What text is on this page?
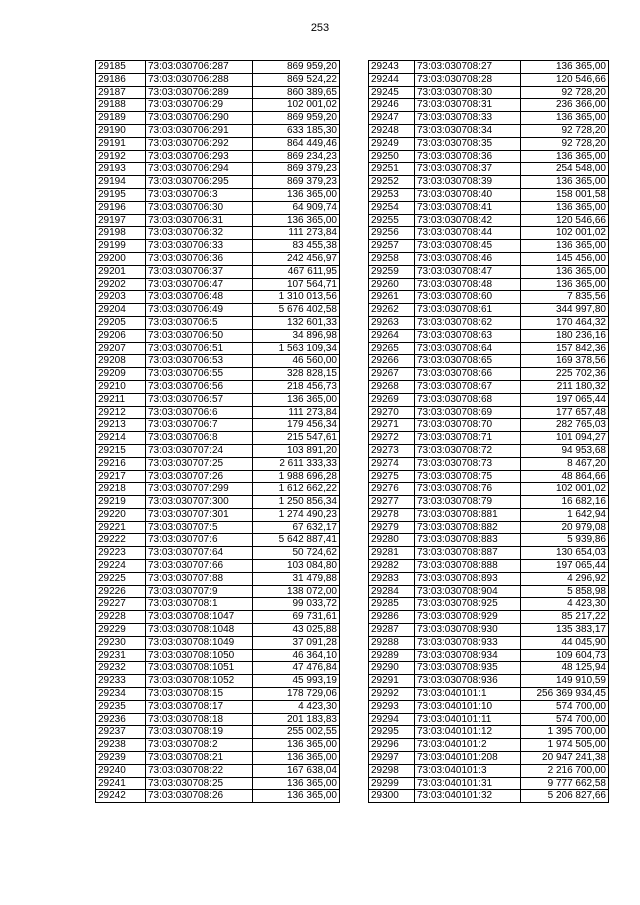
253
29185	73:03:030706:287	869 959,20
29186	73:03:030706:288	869 524,22
29187	73:03:030706:289	860 389,65
29188	73:03:030706:29	102 001,02
29189	73:03:030706:290	869 959,20
29190	73:03:030706:291	633 185,30
29191	73:03:030706:292	864 449,46
29192	73:03:030706:293	869 234,23
29193	73:03:030706:294	869 379,23
29194	73:03:030706:295	869 379,23
29195	73:03:030706:3	136 365,00
29196	73:03:030706:30	64 909,74
29197	73:03:030706:31	136 365,00
29198	73:03:030706:32	111 273,84
29199	73:03:030706:33	83 455,38
29200	73:03:030706:36	242 456,97
29201	73:03:030706:37	467 611,95
29202	73:03:030706:47	107 564,71
29203	73:03:030706:48	1 310 013,56
29204	73:03:030706:49	5 676 402,58
29205	73:03:030706:5	132 601,33
29206	73:03:030706:50	34 896,98
29207	73:03:030706:51	1 563 109,34
29208	73:03:030706:53	46 560,00
29209	73:03:030706:55	328 828,15
29210	73:03:030706:56	218 456,73
29211	73:03:030706:57	136 365,00
29212	73:03:030706:6	111 273,84
29213	73:03:030706:7	179 456,34
29214	73:03:030706:8	215 547,61
29215	73:03:030707:24	103 891,20
29216	73:03:030707:25	2 611 333,33
29217	73:03:030707:26	1 988 696,28
29218	73:03:030707:299	1 612 662,22
29219	73:03:030707:300	1 250 856,34
29220	73:03:030707:301	1 274 490,23
29221	73:03:030707:5	67 632,17
29222	73:03:030707:6	5 642 887,41
29223	73:03:030707:64	50 724,62
29224	73:03:030707:66	103 084,80
29225	73:03:030707:88	31 479,88
29226	73:03:030707:9	138 072,00
29227	73:03:030708:1	99 033,72
29228	73:03:030708:1047	69 731,61
29229	73:03:030708:1048	43 025,88
29230	73:03:030708:1049	37 091,28
29231	73:03:030708:1050	46 364,10
29232	73:03:030708:1051	47 476,84
29233	73:03:030708:1052	45 993,19
29234	73:03:030708:15	178 729,06
29235	73:03:030708:17	4 423,30
29236	73:03:030708:18	201 183,83
29237	73:03:030708:19	255 002,55
29238	73:03:030708:2	136 365,00
29239	73:03:030708:21	136 365,00
29240	73:03:030708:22	167 638,04
29241	73:03:030708:25	136 365,00
29242	73:03:030708:26	136 365,00
29243	73:03:030708:27	136 365,00
29244	73:03:030708:28	120 546,66
29245	73:03:030708:30	92 728,20
29246	73:03:030708:31	236 366,00
29247	73:03:030708:33	136 365,00
29248	73:03:030708:34	92 728,20
29249	73:03:030708:35	92 728,20
29250	73:03:030708:36	136 365,00
29251	73:03:030708:37	254 548,00
29252	73:03:030708:39	136 365,00
29253	73:03:030708:40	158 001,58
29254	73:03:030708:41	136 365,00
29255	73:03:030708:42	120 546,66
29256	73:03:030708:44	102 001,02
29257	73:03:030708:45	136 365,00
29258	73:03:030708:46	145 456,00
29259	73:03:030708:47	136 365,00
29260	73:03:030708:48	136 365,00
29261	73:03:030708:60	7 835,56
29262	73:03:030708:61	344 997,80
29263	73:03:030708:62	170 464,32
29264	73:03:030708:63	180 236,16
29265	73:03:030708:64	157 842,36
29266	73:03:030708:65	169 378,56
29267	73:03:030708:66	225 702,36
29268	73:03:030708:67	211 180,32
29269	73:03:030708:68	197 065,44
29270	73:03:030708:69	177 657,48
29271	73:03:030708:70	282 765,03
29272	73:03:030708:71	101 094,27
29273	73:03:030708:72	94 953,68
29274	73:03:030708:73	8 467,20
29275	73:03:030708:75	48 864,66
29276	73:03:030708:76	102 001,02
29277	73:03:030708:79	16 682,16
29278	73:03:030708:881	1 642,94
29279	73:03:030708:882	20 979,08
29280	73:03:030708:883	5 939,86
29281	73:03:030708:887	130 654,03
29282	73:03:030708:888	197 065,44
29283	73:03:030708:893	4 296,92
29284	73:03:030708:904	5 858,98
29285	73:03:030708:925	4 423,30
29286	73:03:030708:929	85 217,22
29287	73:03:030708:930	135 383,17
29288	73:03:030708:933	44 045,90
29289	73:03:030708:934	109 604,73
29290	73:03:030708:935	48 125,94
29291	73:03:030708:936	149 910,59
29292	73:03:040101:1	256 369 934,45
29293	73:03:040101:10	574 700,00
29294	73:03:040101:11	574 700,00
29295	73:03:040101:12	1 395 700,00
29296	73:03:040101:2	1 974 505,00
29297	73:03:040101:208	20 947 241,38
29298	73:03:040101:3	2 216 700,00
29299	73:03:040101:31	9 777 662,58
29300	73:03:040101:32	5 206 827,66
